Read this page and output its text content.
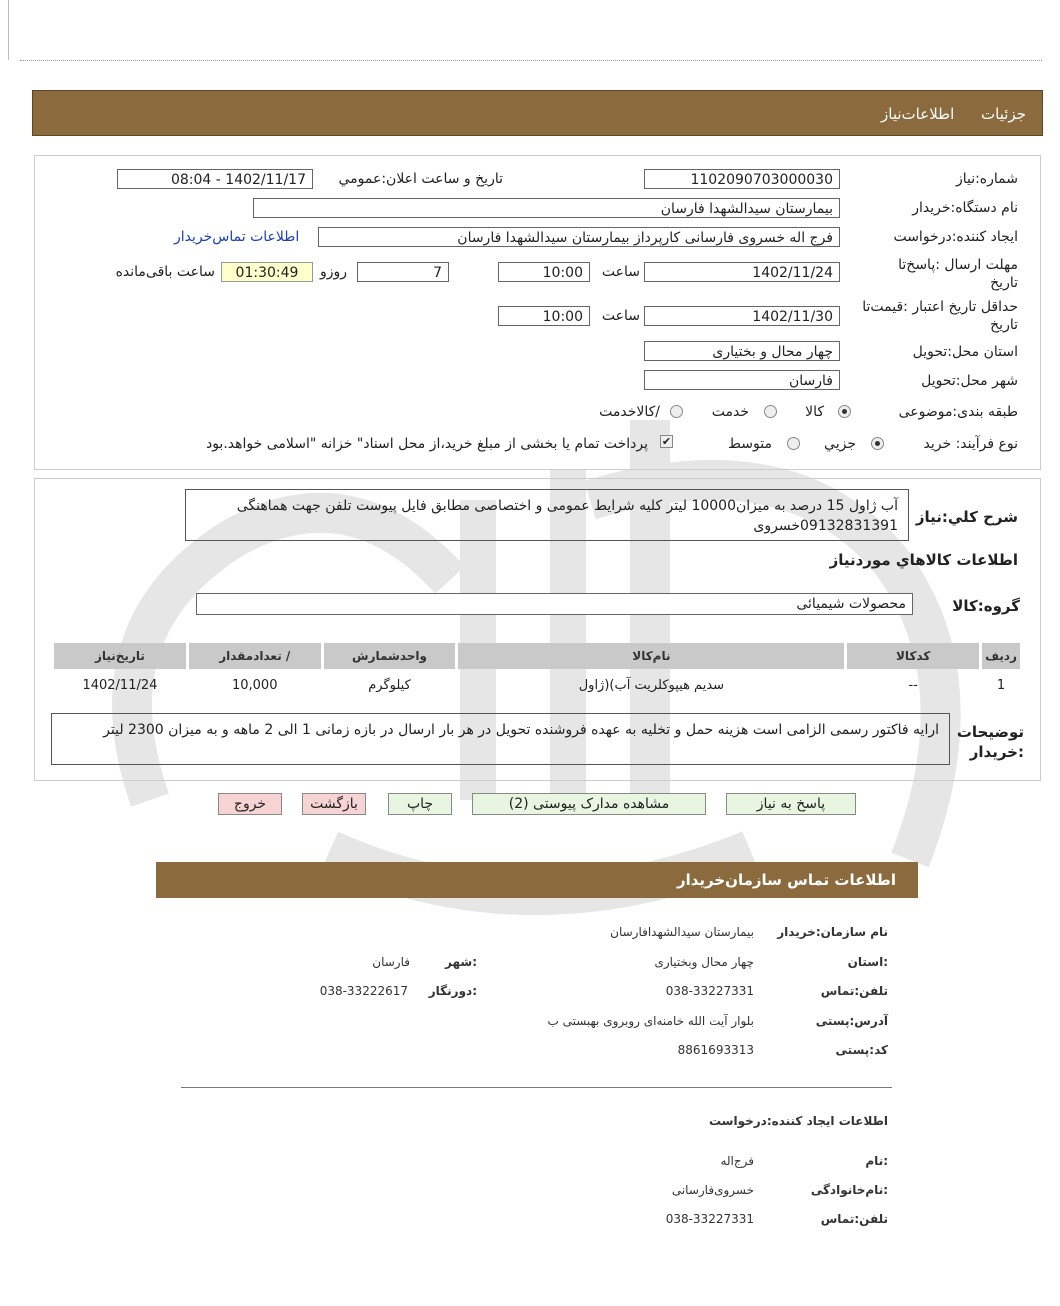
جزئیات اطلاعات‌نیاز
شماره:نیاز
1102090703000030
تاریخ و ساعت اعلان:عمومي
1402/11/17 - 08:04
نام دستگاه:خریدار
بیمارستان سیدالشهدا فارسان
ایجاد کننده:درخواست
فرج اله خسروی فارسانی کارپرداز بیمارستان سیدالشهدا فارسان
اطلاعات تماس‌خریدار
مهلت ارسال :پاسخ‌تا تاریخ
1402/11/24
ساعت
10:00
7
روزو
01:30:49
ساعت باقی‌مانده
حداقل تاریخ اعتبار :قیمت‌تا تاریخ
1402/11/30
ساعت
10:00
استان محل:تحویل
چهار محال و بختیاری
شهر محل:تحویل
فارسان
طبقه بندی:موضوعی
کالا
خدمت
/کالاخدمت
نوع فرآیند: خرید
جزيي
متوسط
✔
پرداخت تمام یا بخشی از مبلغ خرید،از محل اسناد" خزانه "اسلامی خواهد.بود
شرح کلي:نیاز
آب ژاول 15 درصد به میزان10000 لیتر کلیه شرایط عمومی و اختصاصی مطابق فایل پیوست تلفن جهت هماهنگی 09132831391خسروی
اطلاعات کالاهاي موردنیاز
گروه:کالا
محصولات شیمیائی
ردیف	کدکالا	نام‌کالا	واحدشمارش	/ تعدادمقدار	تاریخ‌نیاز
1	--	سدیم هیپوکلریت آب)(ژاول	کیلوگرم	10,000	1402/11/24
توضیحات :خریدار
ارایه فاکتور رسمی الزامی است هزینه حمل و تخلیه به عهده فروشنده تحویل در هر بار ارسال در بازه زمانی 1 الی 2 ماهه و به میزان 2300 لیتر
پاسخ به نیاز
مشاهده مدارک پیوستی (2)
چاپ
بازگشت
خروج
اطلاعات تماس سازمان‌خریدار
نام سازمان:خریدار
بیمارستان سیدالشهدافارسان
:استان
چهار محال وبختیاری
:شهر
فارسان
تلفن:تماس
038-33227331
:دورنگار
038-33222617
آدرس:پستی
بلوار آیت الله خامنه‌ای روبروی بهبستی ب
کد:پستی
8861693313
اطلاعات ایجاد کننده:درخواست
:نام
فرج‌اله
:نام‌خانوادگی
خسروی‌فارسانی
تلفن:تماس
038-33227331
